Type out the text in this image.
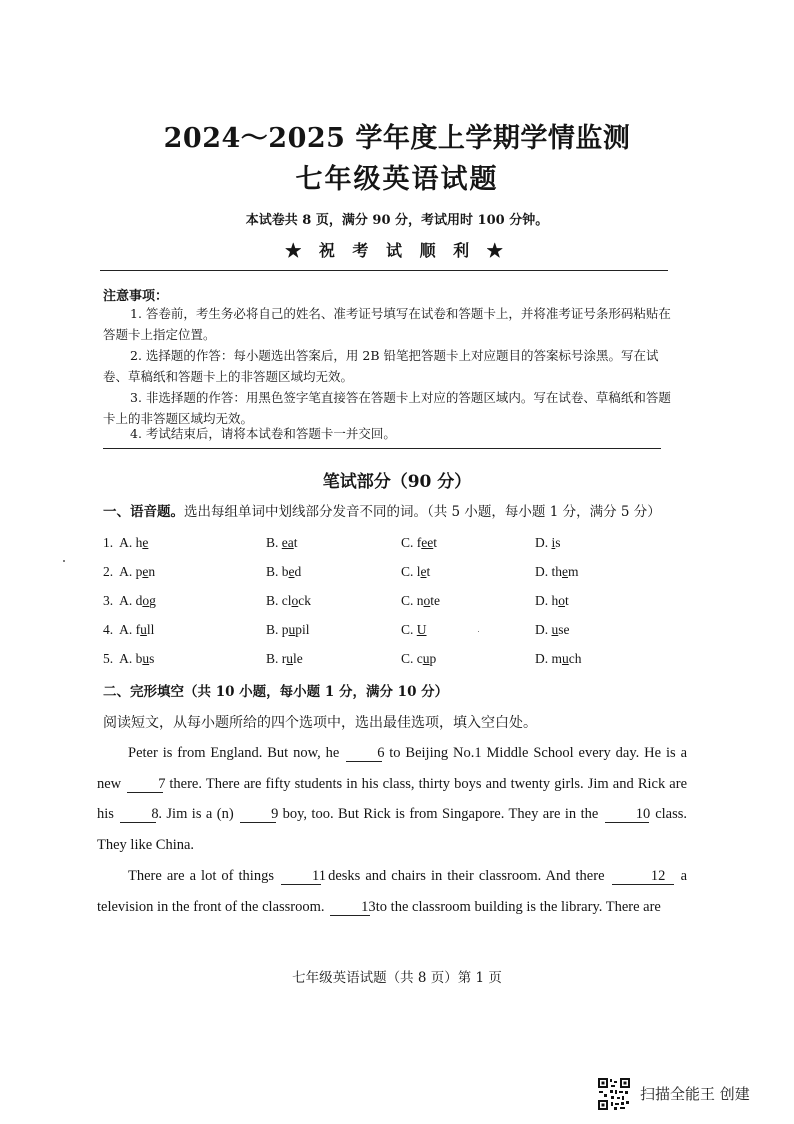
2024～2025 学年度上学期学情监测
七年级英语试题
本试卷共 8 页，满分 90 分，考试用时 100 分钟。
★ 祝 考 试 顺 利 ★
注意事项：
1. 答卷前，考生务必将自己的姓名、准考证号填写在试卷和答题卡上，并将准考证号条形码粘贴在答题卡上指定位置。
2. 选择题的作答：每小题选出答案后，用 2B 铅笔把答题卡上对应题目的答案标号涂黑。写在试卷、草稿纸和答题卡上的非答题区域均无效。
3. 非选择题的作答：用黑色签字笔直接答在答题卡上对应的答题区域内。写在试卷、草稿纸和答题卡上的非答题区域均无效。
4. 考试结束后，请将本试卷和答题卡一并交回。
笔试部分（90 分）
一、语音题。选出每组单词中划线部分发音不同的词。（共 5 小题，每小题 1 分，满分 5 分）
1. A. he	B. eat	C. feet	D. is
2. A. pen	B. bed	C. let	D. them
3. A. dog	B. clock	C. note	D. hot
4. A. full	B. pupil	C. U	D. use
5. A. bus	B. rule	C. cup	D. much
二、完形填空（共 10 小题，每小题 1 分，满分 10 分）
阅读短文，从每小题所给的四个选项中，选出最佳选项，填入空白处。
Peter is from England. But now, he	6 to Beijing No.1 Middle School every day. He is a new	7 there. There are fifty students in his class, thirty boys and twenty girls. Jim and Rick are his	8. Jim is a (n)	9 boy, too. But Rick is from Singapore. They are in the	10 class. They like China.
There are a lot of things	11 desks and chairs in their classroom. And there	12 a television in the front of the classroom.	13 to the classroom building is the library. There are
七年级英语试题（共 8 页）第 1 页
扫描全能王 创建
